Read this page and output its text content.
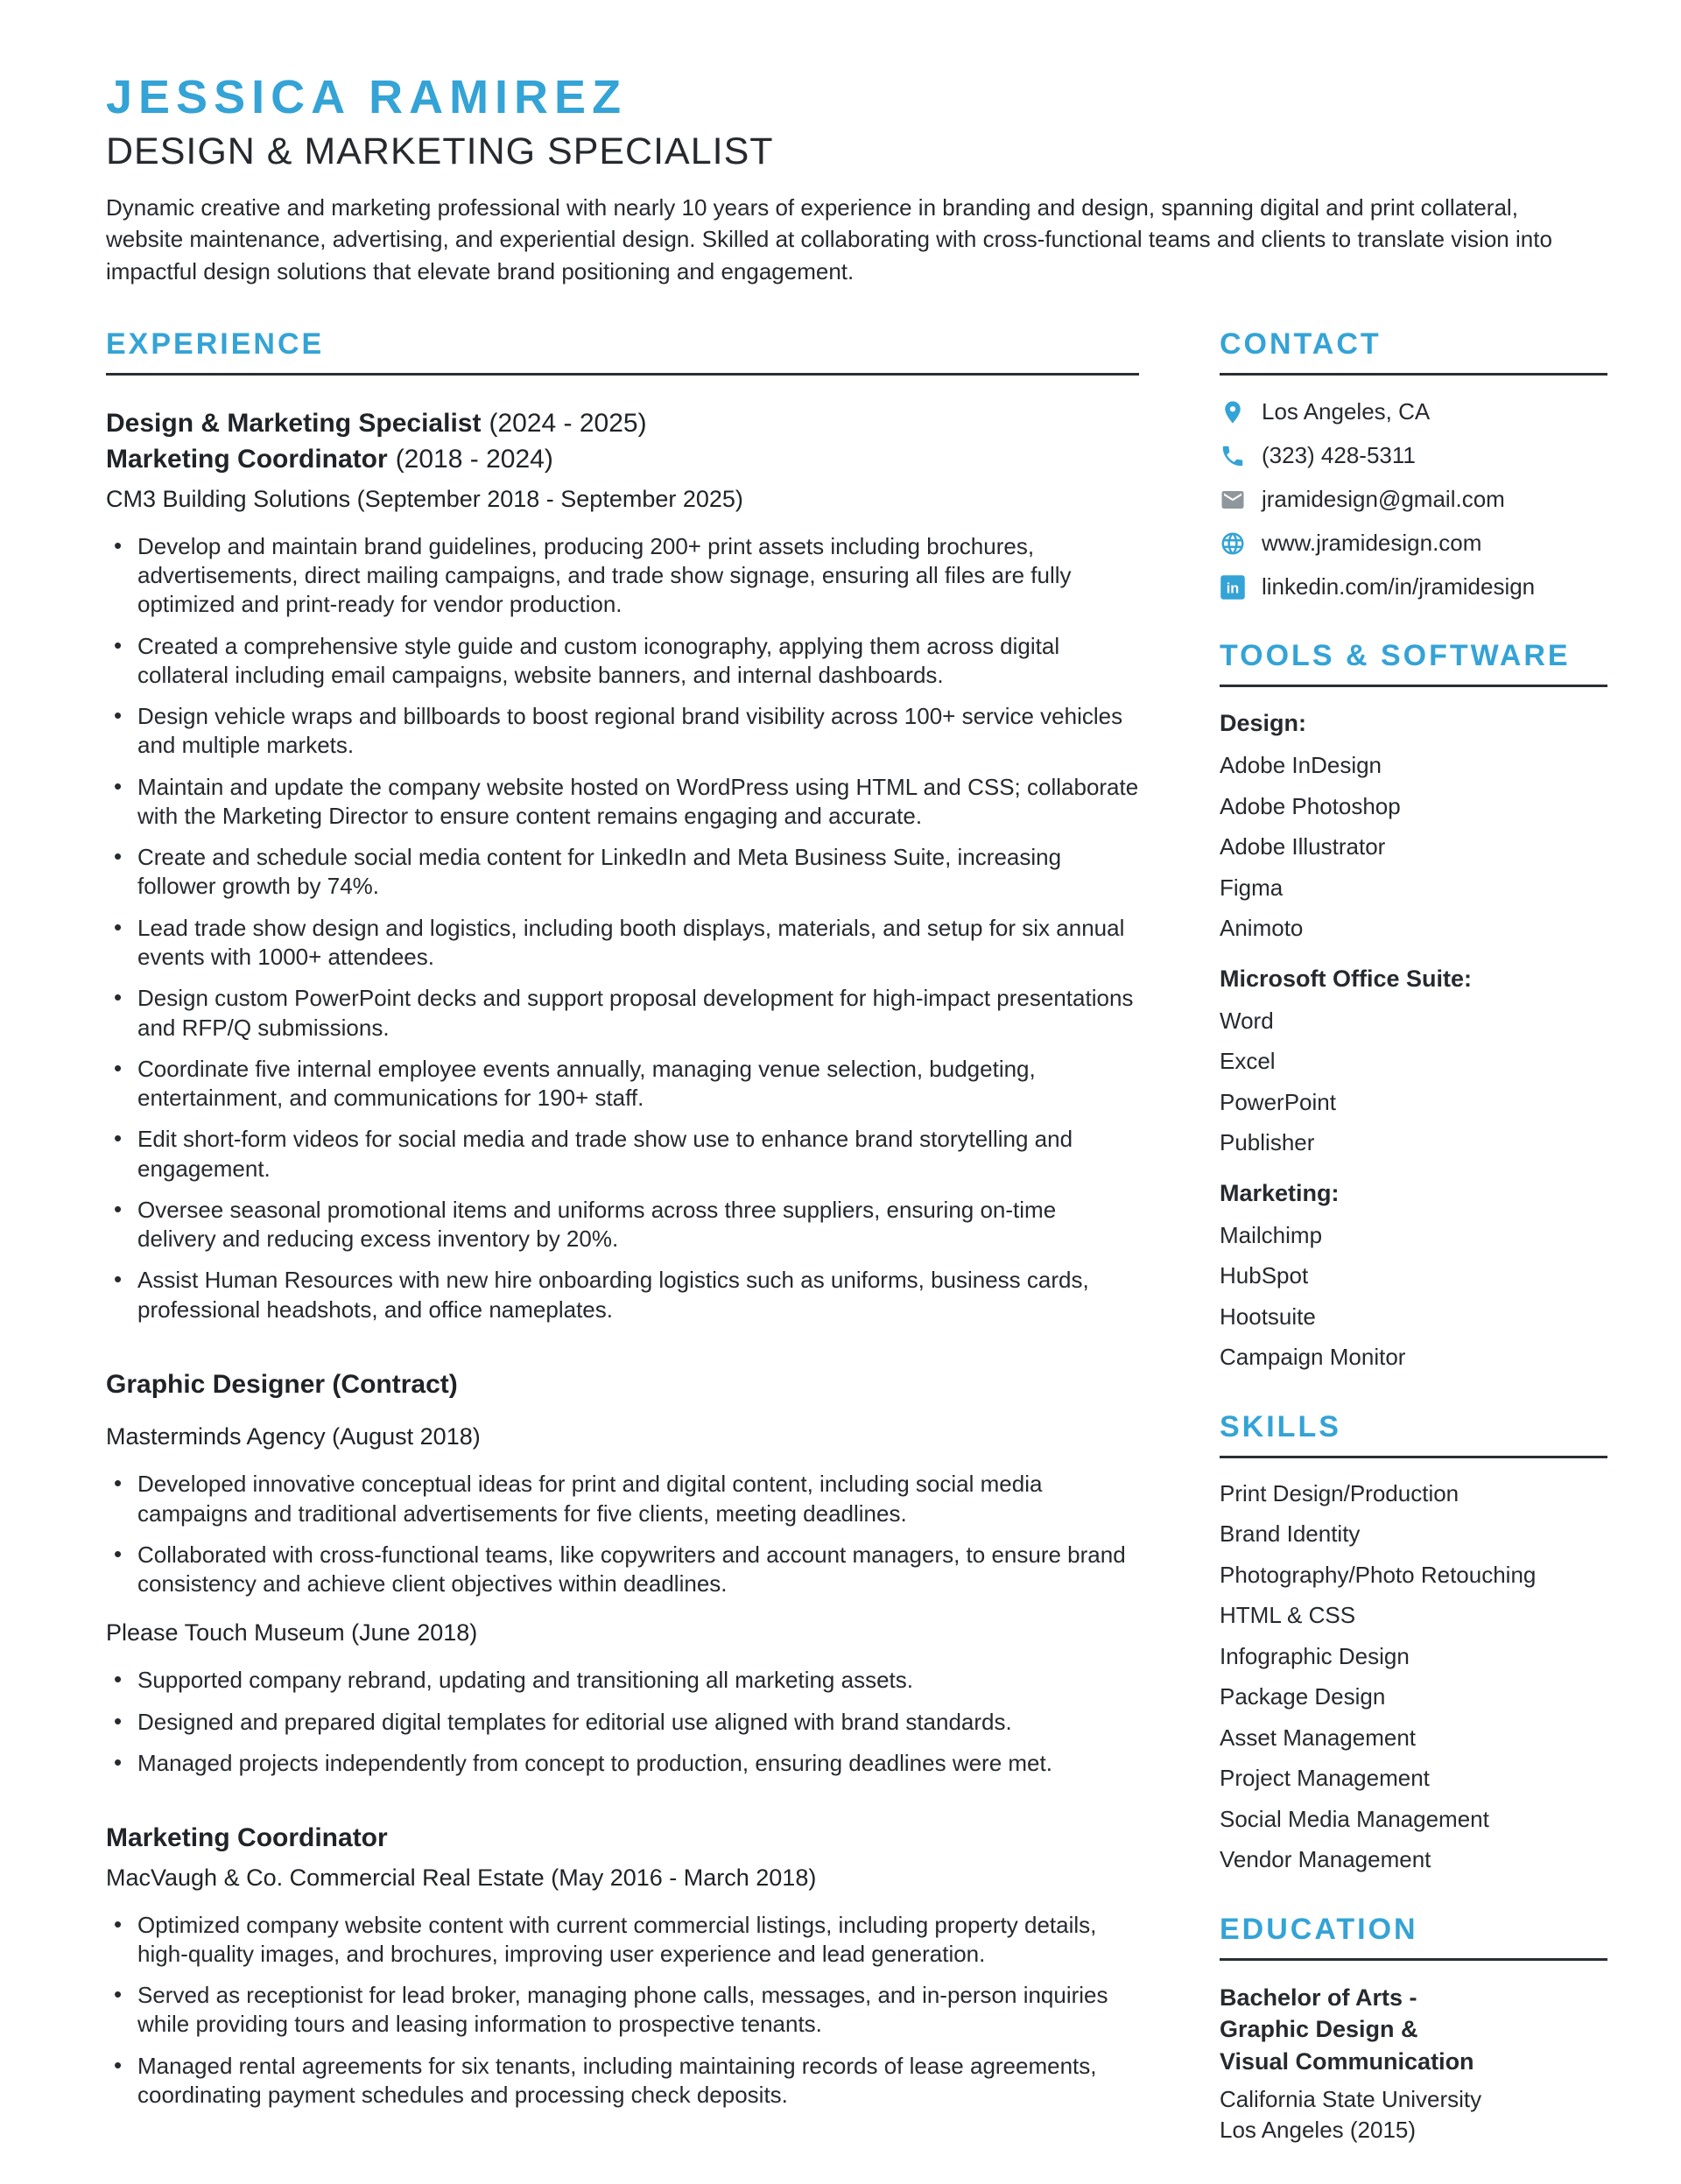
JESSICA RAMIREZ
DESIGN & MARKETING SPECIALIST

Dynamic creative and marketing professional with nearly 10 years of experience in branding and design, spanning digital and print collateral, website maintenance, advertising, and experiential design. Skilled at collaborating with cross-functional teams and clients to translate vision into impactful design solutions that elevate brand positioning and engagement.

EXPERIENCE
Design & Marketing Specialist (2024 - 2025)
Marketing Coordinator (2018 - 2024)
CM3 Building Solutions (September 2018 - September 2025)
• Develop and maintain brand guidelines, producing 200+ print assets including brochures, advertisements, direct mailing campaigns, and trade show signage, ensuring all files are fully optimized and print-ready for vendor production.
• Created a comprehensive style guide and custom iconography, applying them across digital collateral including email campaigns, website banners, and internal dashboards.
• Design vehicle wraps and billboards to boost regional brand visibility across 100+ service vehicles and multiple markets.
• Maintain and update the company website hosted on WordPress using HTML and CSS; collaborate with the Marketing Director to ensure content remains engaging and accurate.
• Create and schedule social media content for LinkedIn and Meta Business Suite, increasing follower growth by 74%.
• Lead trade show design and logistics, including booth displays, materials, and setup for six annual events with 1000+ attendees.
• Design custom PowerPoint decks and support proposal development for high-impact presentations and RFP/Q submissions.
• Coordinate five internal employee events annually, managing venue selection, budgeting, entertainment, and communications for 190+ staff.
• Edit short-form videos for social media and trade show use to enhance brand storytelling and engagement.
• Oversee seasonal promotional items and uniforms across three suppliers, ensuring on-time delivery and reducing excess inventory by 20%.
• Assist Human Resources with new hire onboarding logistics such as uniforms, business cards, professional headshots, and office nameplates.
Graphic Designer (Contract)
Masterminds Agency (August 2018)
• Developed innovative conceptual ideas for print and digital content, including social media campaigns and traditional advertisements for five clients, meeting deadlines.
• Collaborated with cross-functional teams, like copywriters and account managers, to ensure brand consistency and achieve client objectives within deadlines.
Please Touch Museum (June 2018)
• Supported company rebrand, updating and transitioning all marketing assets.
• Designed and prepared digital templates for editorial use aligned with brand standards.
• Managed projects independently from concept to production, ensuring deadlines were met.
Marketing Coordinator
MacVaugh & Co. Commercial Real Estate (May 2016 - March 2018)
• Optimized company website content with current commercial listings, including property details, high-quality images, and brochures, improving user experience and lead generation.
• Served as receptionist for lead broker, managing phone calls, messages, and in-person inquiries while providing tours and leasing information to prospective tenants.
• Managed rental agreements for six tenants, including maintaining records of lease agreements, coordinating payment schedules and processing check deposits.
CONTACT
Los Angeles, CA
(323) 428-5311
jramidesign@gmail.com
www.jramidesign.com
in linkedin.com/in/jramidesign
TOOLS & SOFTWARE
Design:
Adobe InDesign
Adobe Photoshop
Adobe Illustrator
Figma
Animoto
Microsoft Office Suite:
Word
Excel
PowerPoint
Publisher
Marketing:
Mailchimp
HubSpot
Hootsuite
Campaign Monitor
SKILLS
Print Design/Production
Brand Identity
Photography/Photo Retouching
HTML & CSS
Infographic Design
Package Design
Asset Management
Project Management
Social Media Management
Vendor Management
EDUCATION
Bachelor of Arts -
Graphic Design &
Visual Communication
California State University
Los Angeles (2015)
